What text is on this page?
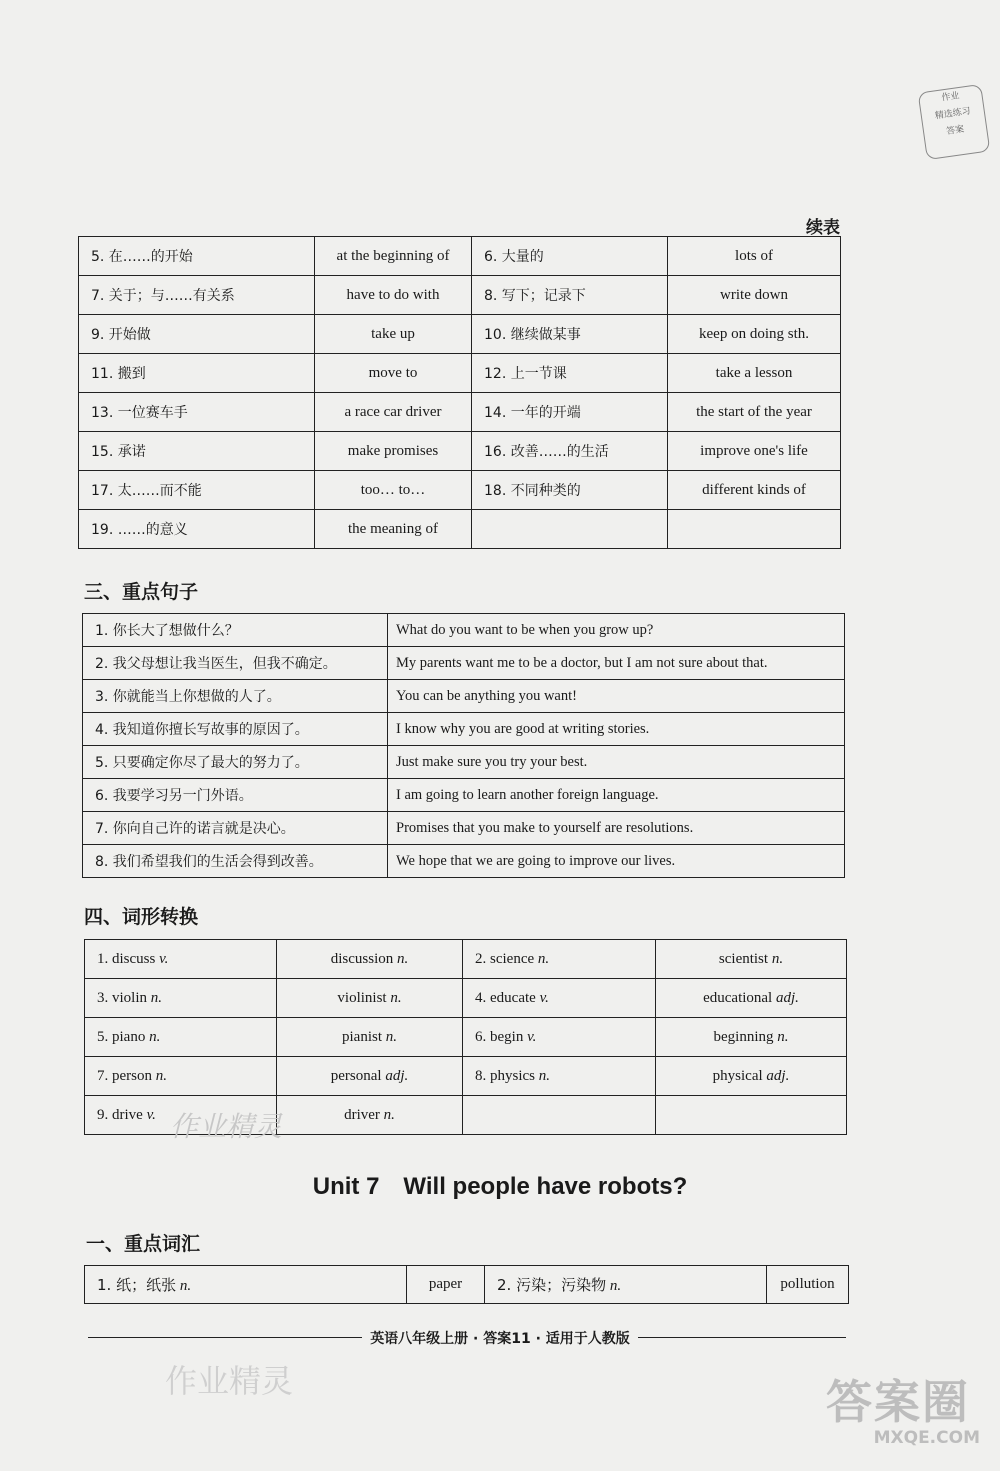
作业
精选练习
答案
续表
5. 在……的开始	at the beginning of	6. 大量的	lots of
7. 关于；与……有关系	have to do with	8. 写下；记录下	write down
9. 开始做	take up	10. 继续做某事	keep on doing sth.
11. 搬到	move to	12. 上一节课	take a lesson
13. 一位赛车手	a race car driver	14. 一年的开端	the start of the year
15. 承诺	make promises	16. 改善……的生活	improve one's life
17. 太……而不能	too… to…	18. 不同种类的	different kinds of
19. ……的意义	the meaning of		
三、重点句子
1. 你长大了想做什么？	What do you want to be when you grow up?
2. 我父母想让我当医生，但我不确定。	My parents want me to be a doctor, but I am not sure about that.
3. 你就能当上你想做的人了。	You can be anything you want!
4. 我知道你擅长写故事的原因了。	I know why you are good at writing stories.
5. 只要确定你尽了最大的努力了。	Just make sure you try your best.
6. 我要学习另一门外语。	I am going to learn another foreign language.
7. 你向自己许的诺言就是决心。	Promises that you make to yourself are resolutions.
8. 我们希望我们的生活会得到改善。	We hope that we are going to improve our lives.
四、词形转换
1. discuss v.	discussion n.	2. science n.	scientist n.
3. violin n.	violinist n.	4. educate v.	educational adj.
5. piano n.	pianist n.	6. begin v.	beginning n.
7. person n.	personal adj.	8. physics n.	physical adj.
9. drive v.	driver n.		
作业精灵
Unit 7　Will people have robots?
一、重点词汇
1. 纸；纸张 n.	paper	2. 污染；污染物 n.	pollution
英语八年级上册 · 答案11 · 适用于人教版
作业精灵	答案圈
MXQE.COM
